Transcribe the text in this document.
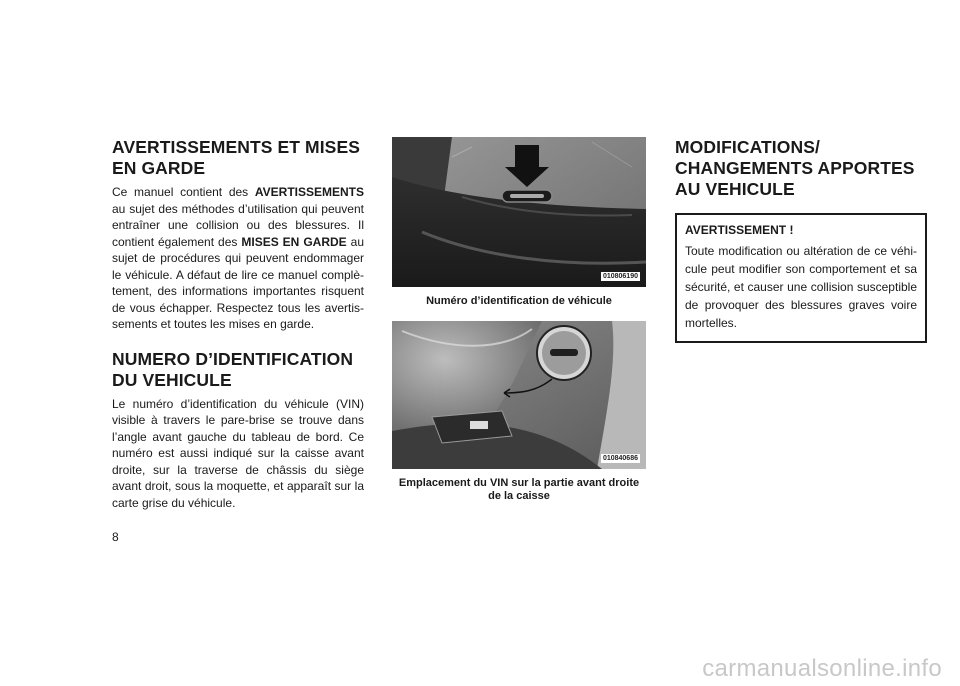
AVERTISSEMENTS ET MISES
EN GARDE

Ce manuel contient des AVERTISSEMENTS au sujet des méthodes d’utilisation qui peuvent entraîner une collision ou des blessures. Il contient également des MISES EN GARDE au sujet de procédures qui peuvent endommager le véhicule. A défaut de lire ce manuel complè- tement, des informations importantes risquent de vous échapper. Respectez tous les avertis- sements et toutes les mises en garde.

NUMERO D’IDENTIFICATION
DU VEHICULE

Le numéro d’identification du véhicule (VIN) visible à travers le pare-brise se trouve dans l’angle avant gauche du tableau de bord. Ce numéro est aussi indiqué sur la caisse avant droite, sur la traverse de châssis du siège avant droit, sous la moquette, et apparaît sur la carte grise du véhicule.

010806190
Numéro d’identification de véhicule
010840686
Emplacement du VIN sur la partie avant droite
de la caisse
MODIFICATIONS/
CHANGEMENTS APPORTES
AU VEHICULE

AVERTISSEMENT !

Toute modification ou altération de ce véhi- cule peut modifier son comportement et sa sécurité, et causer une collision susceptible de provoquer des blessures graves voire mortelles.

8
carmanualsonline.info
